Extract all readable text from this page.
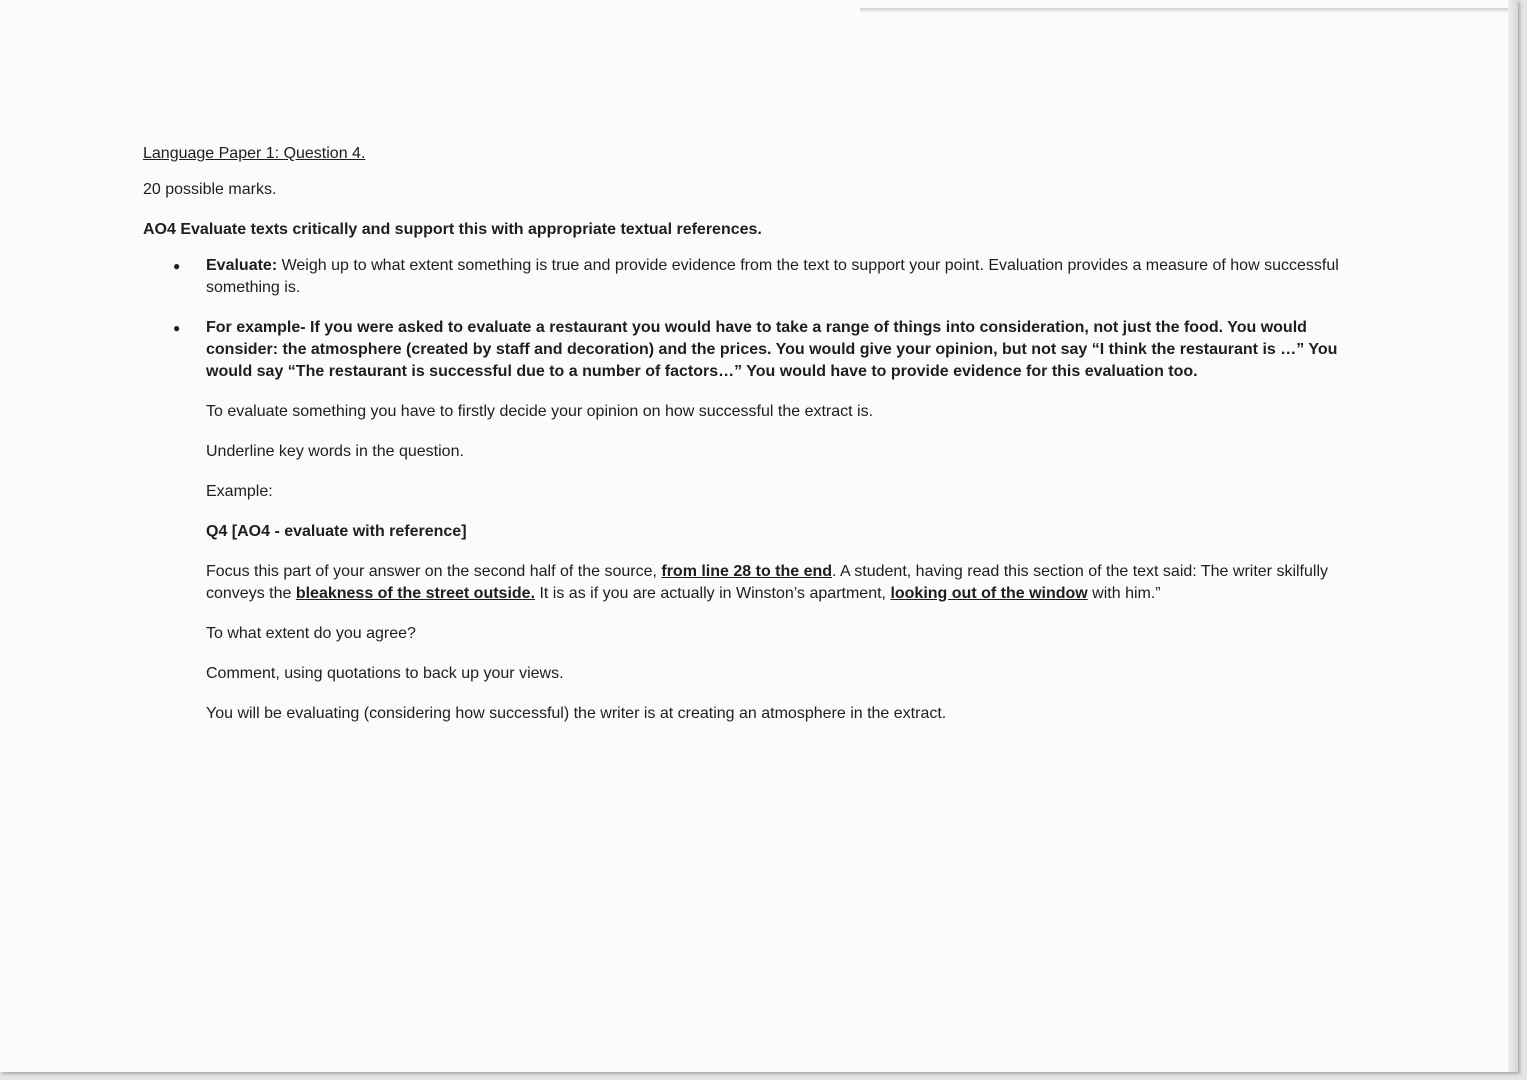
Language Paper 1: Question 4.
20 possible marks.
AO4 Evaluate texts critically and support this with appropriate textual references.
● Evaluate: Weigh up to what extent something is true and provide evidence from the text to support your point. Evaluation provides a measure of how successful something is.
● For example- If you were asked to evaluate a restaurant you would have to take a range of things into consideration, not just the food. You would consider: the atmosphere (created by staff and decoration) and the prices. You would give your opinion, but not say “I think the restaurant is …” You would say “The restaurant is successful due to a number of factors…” You would have to provide evidence for this evaluation too.
To evaluate something you have to firstly decide your opinion on how successful the extract is.
Underline key words in the question.
Example:
Q4 [AO4 - evaluate with reference]
Focus this part of your answer on the second half of the source, from line 28 to the end. A student, having read this section of the text said: The writer skilfully conveys the bleakness of the street outside. It is as if you are actually in Winston’s apartment, looking out of the window with him.”
To what extent do you agree?
Comment, using quotations to back up your views.
You will be evaluating (considering how successful) the writer is at creating an atmosphere in the extract.
